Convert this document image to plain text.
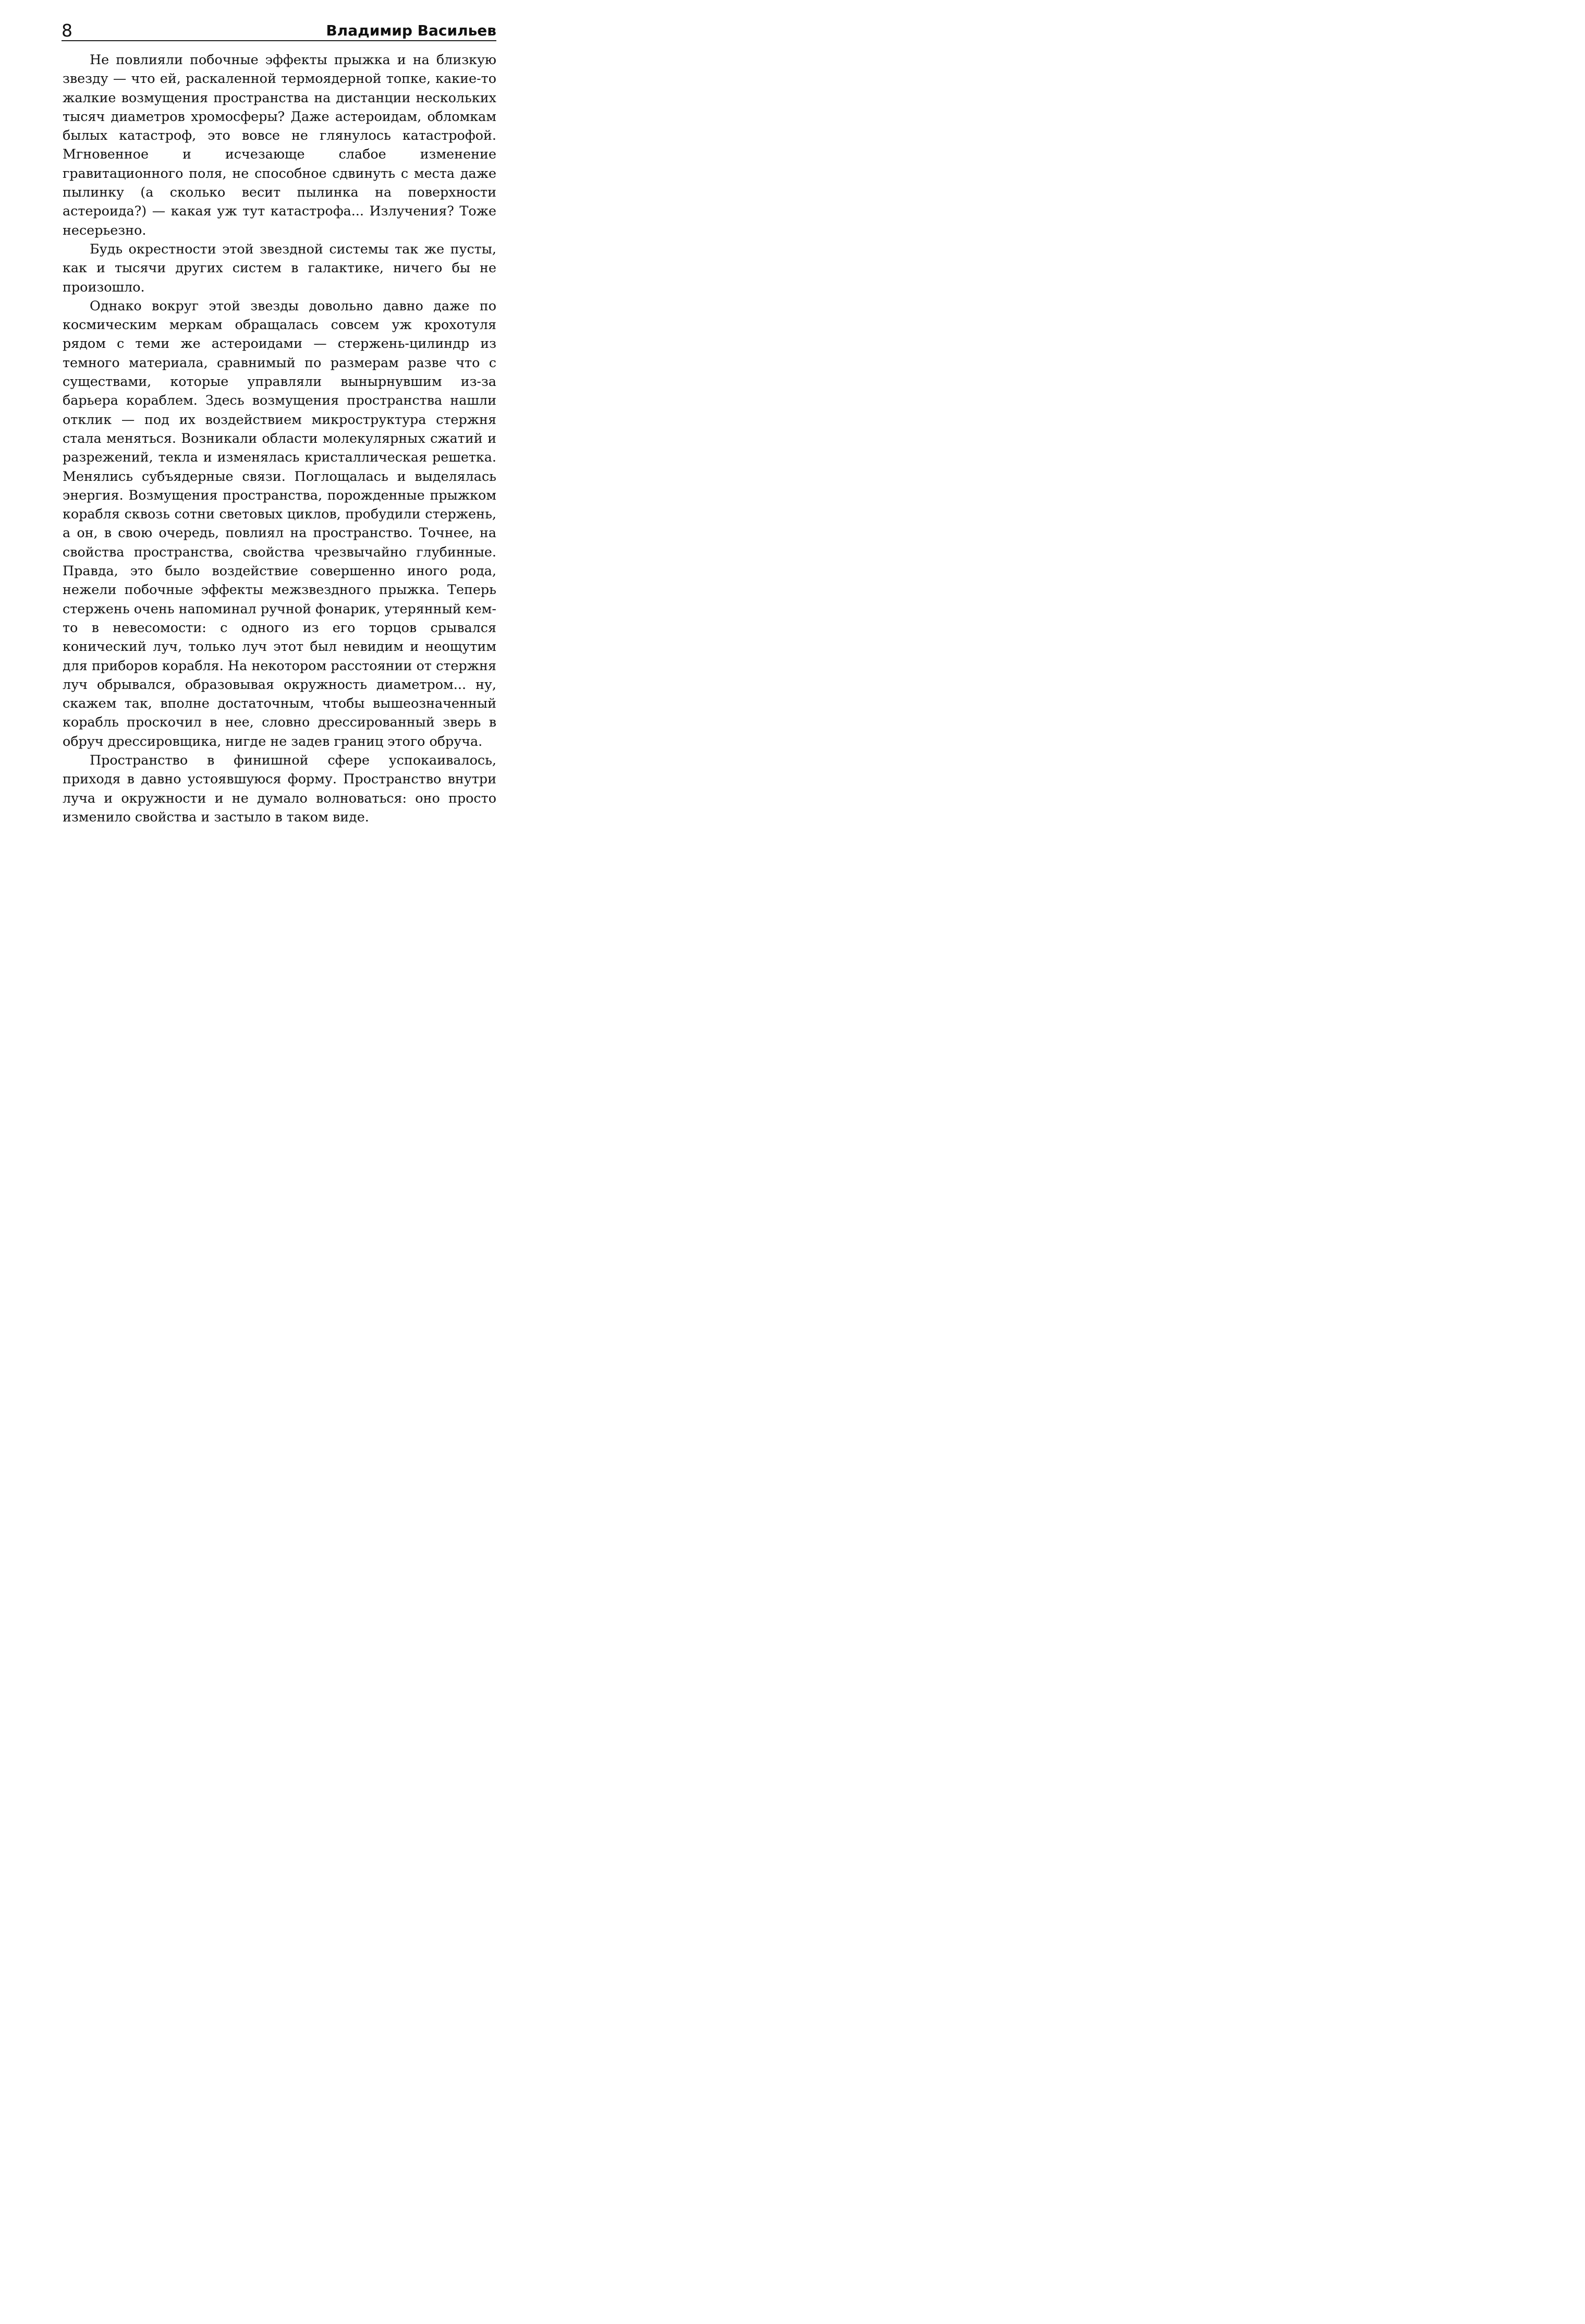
8	Владимир Васильев

Не повлияли побочные эффекты прыжка и на близкую звезду — что ей, раскаленной термоядерной топке, какие-то жалкие возмущения пространства на дистанции нескольких тысяч диаметров хромосферы? Даже астероидам, обломкам былых катастроф, это вовсе не глянулось катастрофой. Мгновенное и исчезающе слабое изменение гравитационного поля, не способное сдвинуть с места даже пылинку (а сколько весит пылинка на поверхности астероида?) — какая уж тут катастрофа... Излучения? Тоже несерьезно.

Будь окрестности этой звездной системы так же пусты, как и тысячи других систем в галактике, ничего бы не произошло.

Однако вокруг этой звезды довольно давно даже по космическим меркам обращалась совсем уж крохотуля рядом с теми же астероидами — стержень-цилиндр из темного материала, сравнимый по размерам разве что с существами, которые управляли вынырнувшим из-за барьера кораблем. Здесь возмущения пространства нашли отклик — под их воздействием микроструктура стержня стала меняться. Возникали области молекулярных сжатий и разрежений, текла и изменялась кристаллическая решетка. Менялись субъядерные связи. Поглощалась и выделялась энергия. Возмущения пространства, порожденные прыжком корабля сквозь сотни световых циклов, пробудили стержень, а он, в свою очередь, повлиял на пространство. Точнее, на свойства пространства, свойства чрезвычайно глубинные. Правда, это было воздействие совершенно иного рода, нежели побочные эффекты межзвездного прыжка. Теперь стержень очень напоминал ручной фонарик, утерянный кем-то в невесомости: с одного из его торцов срывался конический луч, только луч этот был невидим и неощутим для приборов корабля. На некотором расстоянии от стержня луч обрывался, образовывая окружность диаметром... ну, скажем так, вполне достаточным, чтобы вышеозначенный корабль проскочил в нее, словно дрессированный зверь в обруч дрессировщика, нигде не задев границ этого обруча.

Пространство в финишной сфере успокаивалось, приходя в давно устоявшуюся форму. Пространство внутри луча и окружности и не думало волноваться: оно просто изменило свойства и застыло в таком виде.
